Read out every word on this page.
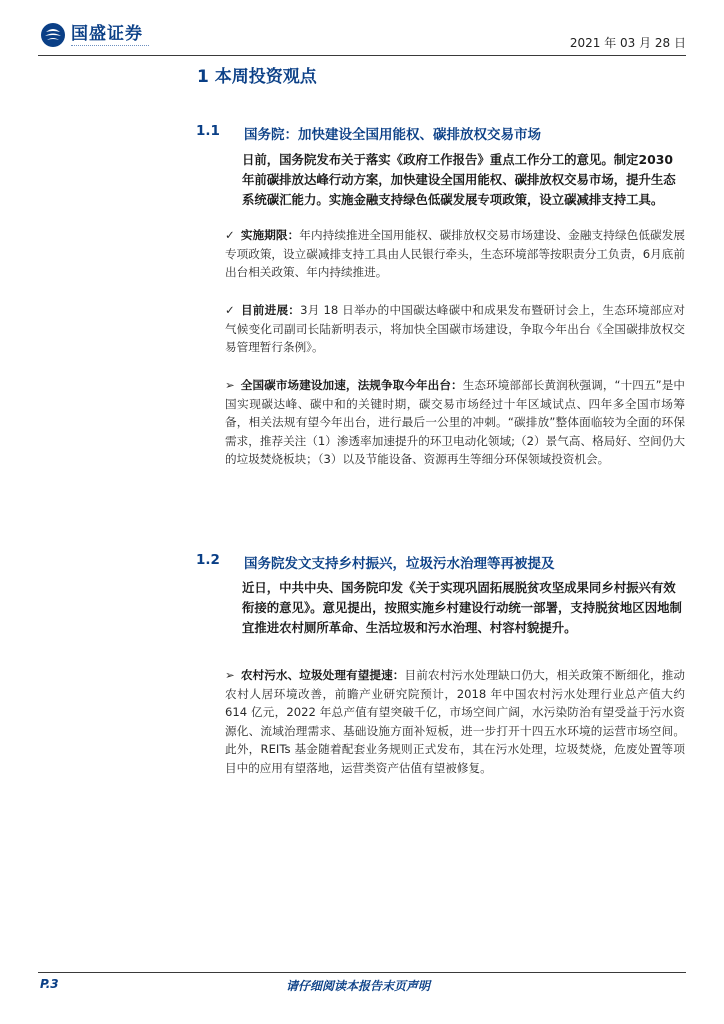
国盛证券	2021 年 03 月 28 日
1 本周投资观点
1.1	国务院：加快建设全国用能权、碳排放权交易市场

日前，国务院发布关于落实《政府工作报告》重点工作分工的意见。制定2030年前碳排放达峰行动方案，加快建设全国用能权、碳排放权交易市场，提升生态系统碳汇能力。实施金融支持绿色低碳发展专项政策，设立碳减排支持工具。

✓ 实施期限：年内持续推进全国用能权、碳排放权交易市场建设、金融支持绿色低碳发展专项政策，设立碳减排支持工具由人民银行牵头，生态环境部等按职责分工负责，6月底前出台相关政策、年内持续推进。

✓ 目前进展：3月 18 日举办的中国碳达峰碳中和成果发布暨研讨会上，生态环境部应对气候变化司副司长陆新明表示，将加快全国碳市场建设，争取今年出台《全国碳排放权交易管理暂行条例》。

➢ 全国碳市场建设加速，法规争取今年出台：生态环境部部长黄润秋强调，“十四五”是中国实现碳达峰、碳中和的关键时期，碳交易市场经过十年区域试点、四年多全国市场筹备，相关法规有望今年出台，进行最后一公里的冲刺。“碳排放”整体面临较为全面的环保需求，推荐关注（1）渗透率加速提升的环卫电动化领域;（2）景气高、格局好、空间仍大的垃圾焚烧板块；（3）以及节能设备、资源再生等细分环保领域投资机会。

1.2	国务院发文支持乡村振兴，垃圾污水治理等再被提及

近日，中共中央、国务院印发《关于实现巩固拓展脱贫攻坚成果同乡村振兴有效衔接的意见》。意见提出，按照实施乡村建设行动统一部署，支持脱贫地区因地制宜推进农村厕所革命、生活垃圾和污水治理、村容村貌提升。

➢ 农村污水、垃圾处理有望提速：目前农村污水处理缺口仍大，相关政策不断细化，推动农村人居环境改善，前瞻产业研究院预计，2018 年中国农村污水处理行业总产值大约 614 亿元，2022 年总产值有望突破千亿，市场空间广阔，水污染防治有望受益于污水资源化、流域治理需求、基础设施方面补短板，进一步打开十四五水环境的运营市场空间。此外，REITs 基金随着配套业务规则正式发布，其在污水处理，垃圾焚烧，危废处置等项目中的应用有望落地，运营类资产估值有望被修复。

P.3	请仔细阅读本报告末页声明
